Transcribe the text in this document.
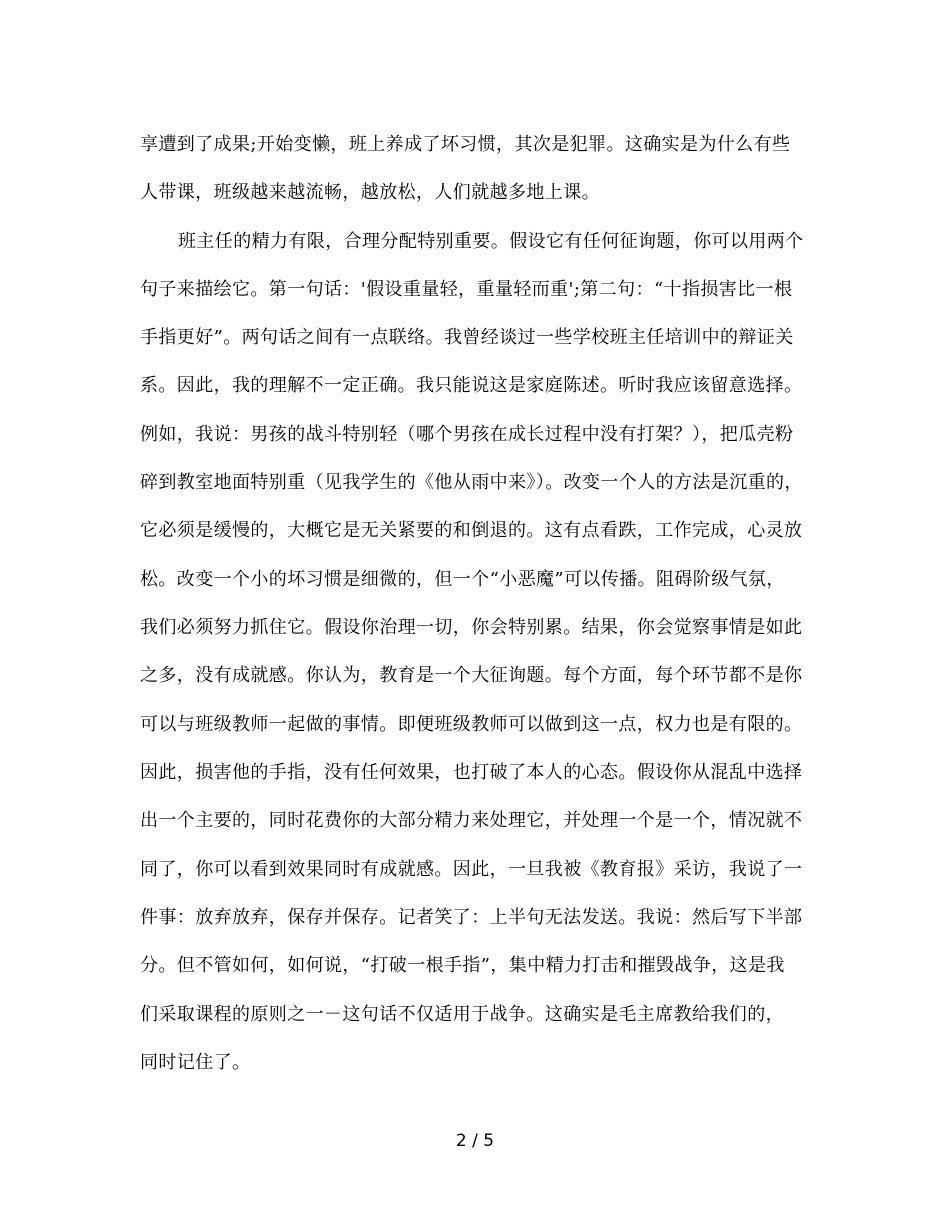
享遭到了成果;开始变懒，班上养成了坏习惯，其次是犯罪。这确实是为什么有些
人带课，班级越来越流畅，越放松，人们就越多地上课。
班主任的精力有限，合理分配特别重要。假设它有任何征询题，你可以用两个
句子来描绘它。第一句话：'假设重量轻，重量轻而重';第二句：“十指损害比一根
手指更好”。两句话之间有一点联络。我曾经谈过一些学校班主任培训中的辩证关
系。因此，我的理解不一定正确。我只能说这是家庭陈述。听时我应该留意选择。
例如，我说：男孩的战斗特别轻（哪个男孩在成长过程中没有打架？），把瓜壳粉
碎到教室地面特别重（见我学生的《他从雨中来》）。改变一个人的方法是沉重的，
它必须是缓慢的，大概它是无关紧要的和倒退的。这有点看跌，工作完成，心灵放
松。改变一个小的坏习惯是细微的，但一个“小恶魔”可以传播。阻碍阶级气氛，
我们必须努力抓住它。假设你治理一切，你会特别累。结果，你会觉察事情是如此
之多，没有成就感。你认为，教育是一个大征询题。每个方面，每个环节都不是你
可以与班级教师一起做的事情。即便班级教师可以做到这一点，权力也是有限的。
因此，损害他的手指，没有任何效果，也打破了本人的心态。假设你从混乱中选择
出一个主要的，同时花费你的大部分精力来处理它，并处理一个是一个，情况就不
同了，你可以看到效果同时有成就感。因此，一旦我被《教育报》采访，我说了一
件事：放弃放弃，保存并保存。记者笑了：上半句无法发送。我说：然后写下半部
分。但不管如何，如何说，“打破一根手指”，集中精力打击和摧毁战争，这是我
们采取课程的原则之一－这句话不仅适用于战争。这确实是毛主席教给我们的，
同时记住了。
2 / 5
